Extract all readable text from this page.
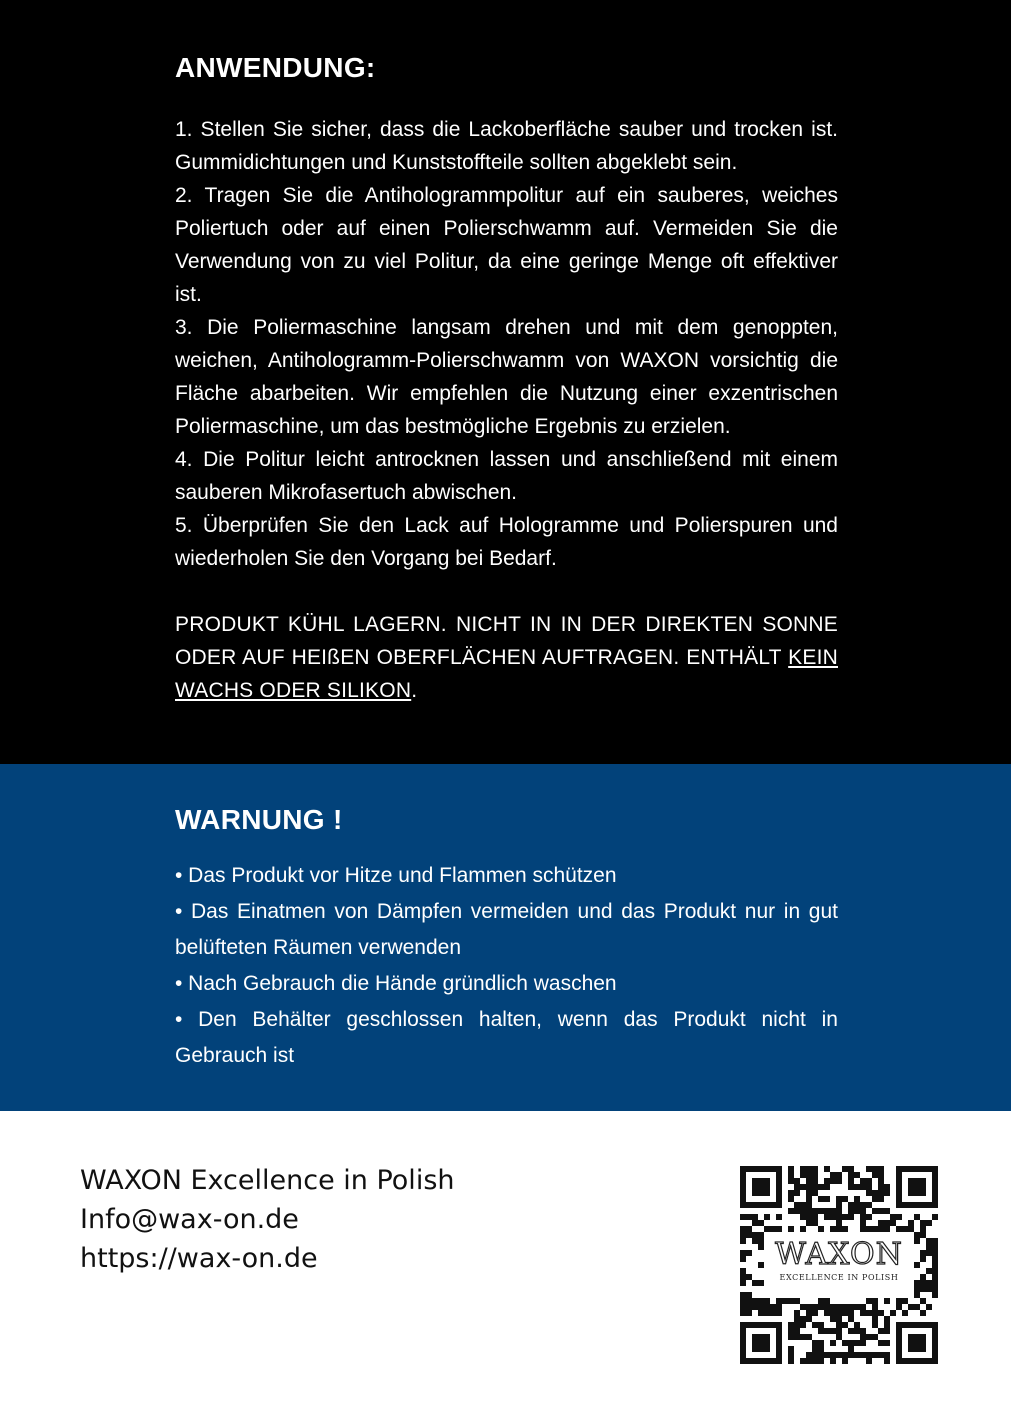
ANWENDUNG:

1. Stellen Sie sicher, dass die Lackoberfläche sauber und trocken ist. Gummidichtungen und Kunststoffteile sollten abgeklebt sein.

2. Tragen Sie die Antihologrammpolitur auf ein sauberes, weiches Poliertuch oder auf einen Polierschwamm auf. Vermeiden Sie die Verwendung von zu viel Politur, da eine geringe Menge oft effektiver ist.

3. Die Poliermaschine langsam drehen und mit dem genoppten, weichen, Antihologramm-Polierschwamm von WAXON vorsichtig die Fläche abarbeiten. Wir empfehlen die Nutzung einer exzentrischen Poliermaschine, um das bestmögliche Ergebnis zu erzielen.

4. Die Politur leicht antrocknen lassen und anschließend mit einem sauberen Mikrofasertuch abwischen.

5. Überprüfen Sie den Lack auf Hologramme und Polierspuren und wiederholen Sie den Vorgang bei Bedarf.

PRODUKT KÜHL LAGERN. NICHT IN IN DER DIREKTEN SONNE ODER AUF HEIßEN OBERFLÄCHEN AUFTRAGEN. ENTHÄLT KEIN WACHS ODER SILIKON.

WARNUNG !

• Das Produkt vor Hitze und Flammen schützen

• Das Einatmen von Dämpfen vermeiden und das Produkt nur in gut belüfteten Räumen verwenden

• Nach Gebrauch die Hände gründlich waschen

• Den Behälter geschlossen halten, wenn das Produkt nicht in Gebrauch ist

WAXON Excellence in Polish
Info@wax-on.de
https://wax-on.de	WAXON
EXCELLENCE IN POLISH
